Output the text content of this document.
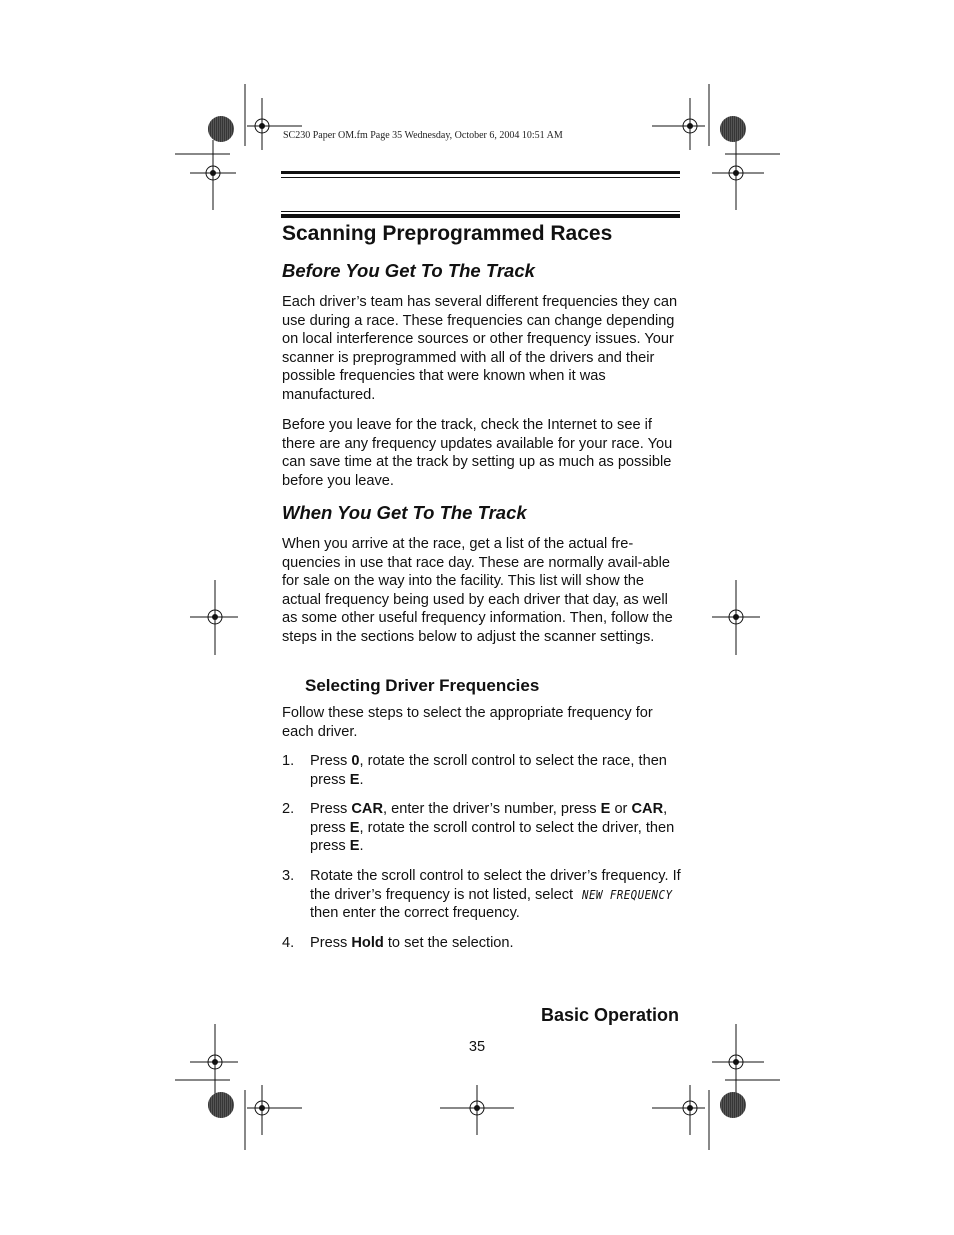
SC230 Paper OM.fm Page 35 Wednesday, October 6, 2004 10:51 AM
Scanning Preprogrammed Races
Before You Get To The Track

Each driver’s team has several different frequencies they can use during a race. These frequencies can change depending on local interference sources or other frequency issues. Your scanner is preprogrammed with all of the drivers and their possible frequencies that were known when it was manufactured.

Before you leave for the track, check the Internet to see if there are any frequency updates available for your race. You can save time at the track by setting up as much as possible before you leave.

When You Get To The Track

When you arrive at the race, get a list of the actual fre-quencies in use that race day. These are normally avail-able for sale on the way into the facility. This list will show the actual frequency being used by each driver that day, as well as some other useful frequency information. Then, follow the steps in the sections below to adjust the scanner settings.

Selecting Driver Frequencies

Follow these steps to select the appropriate frequency for each driver.

1. Press 0, rotate the scroll control to select the race, then press E.
2. Press CAR, enter the driver’s number, press E or CAR, press E, rotate the scroll control to select the driver, then press E.
3. Rotate the scroll control to select the driver’s frequency. If the driver’s frequency is not listed, select NEW FREQUENCY then enter the correct frequency.
4. Press Hold to set the selection.
Basic Operation
35
